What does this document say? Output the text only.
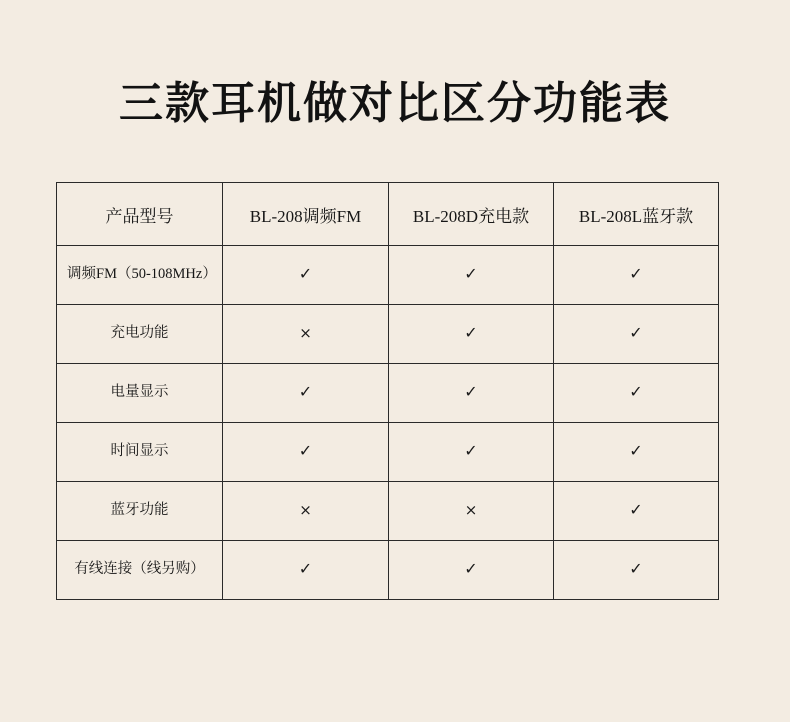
三款耳机做对比区分功能表
产品型号	BL-208调频FM	BL-208D充电款	BL-208L蓝牙款
调频FM（50-108MHz）	✓	✓	✓
充电功能	×	✓	✓
电量显示	✓	✓	✓
时间显示	✓	✓	✓
蓝牙功能	×	×	✓
有线连接（线另购）	✓	✓	✓
